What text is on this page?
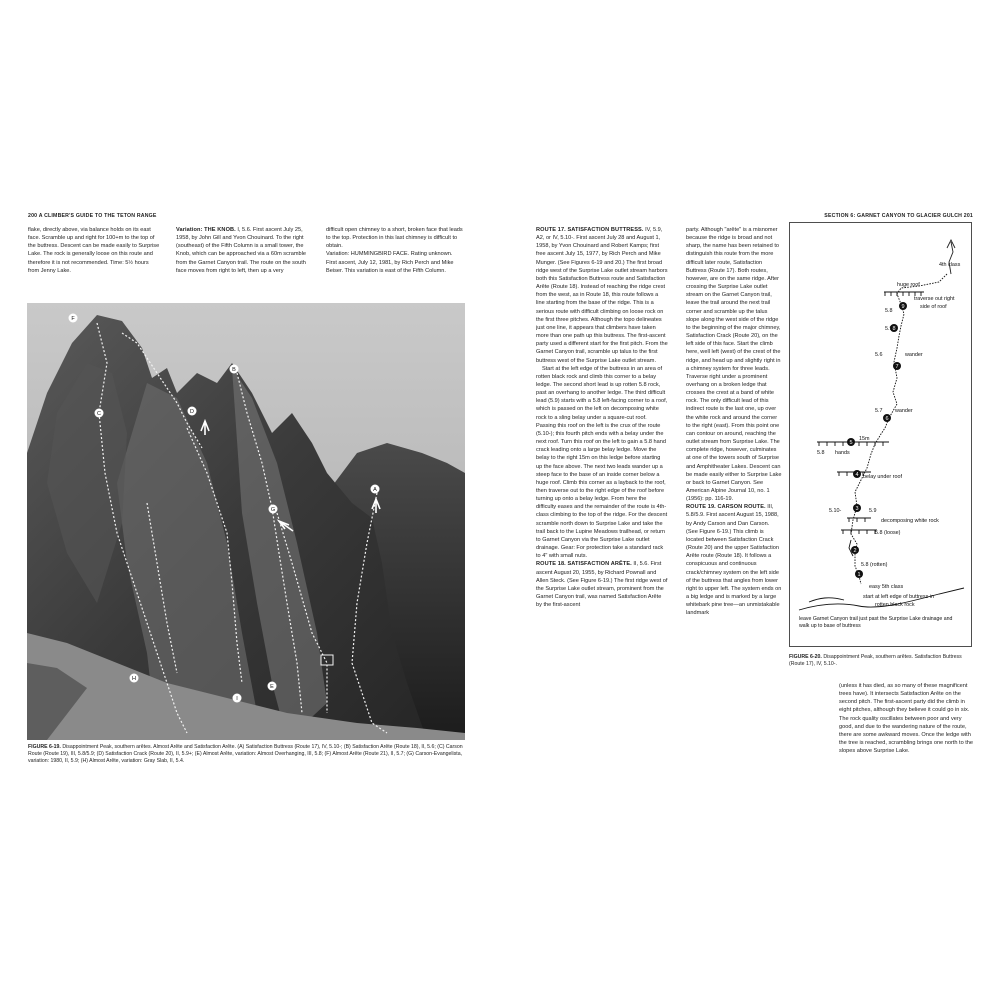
200 A CLIMBER'S GUIDE TO THE TETON RANGE

flake, directly above, via balance holds on its east face. Scramble up and right for 100+m to the top of the buttress. Descent can be made easily to Surprise Lake. The rock is generally loose on this route and therefore it is not recommended. Time: 5½ hours from Jenny Lake.

Variation: THE KNOB. I, 5.6. First ascent July 25, 1958, by John Gill and Yvon Chouinard. To the right (southeast) of the Fifth Column is a small tower, the Knob, which can be approached via a 60m scramble from the Garnet Canyon trail. The route on the south face moves from right to left, then up a very

difficult open chimney to a short, broken face that leads to the top. Protection in this last chimney is difficult to obtain.
Variation: HUMMINGBIRD FACE. Rating unknown. First ascent, July 12, 1981, by Rich Perch and Mike Beiser. This variation is east of the Fifth Column.

F
B
C	D
G
E
A
H
I
FIGURE 6-19. Disappointment Peak, southern arêtes. Almost Arête and Satisfaction Arête. (A) Satisfaction Buttress (Route 17), IV, 5.10-; (B) Satisfaction Arête (Route 18), II, 5.6; (C) Carson Route (Route 19), III, 5.8/5.9; (D) Satisfaction Crack (Route 20), II, 5.9+; (E) Almost Arête, variation: Almost Overhanging, III, 5.8; (F) Almost Arête (Route 21), II, 5.7; (G) Carson-Evangelista, variation: 1980, II, 5.9; (H) Almost Arête, variation: Gray Slab, II, 5.4.
SECTION 6: GARNET CANYON TO GLACIER GULCH 201

ROUTE 17. SATISFACTION BUTTRESS. IV, 5.9, A2, or IV, 5.10-. First ascent July 28 and August 1, 1958, by Yvon Chouinard and Robert Kamps; first free ascent July 15, 1977, by Rich Perch and Mike Munger. (See Figures 6-19 and 20.) The first broad ridge west of the Surprise Lake outlet stream harbors both this Satisfaction Buttress route and Satisfaction Arête (Route 18). Instead of reaching the ridge crest from the west, as in Route 18, this route follows a line starting from the base of the ridge. This is a serious route with difficult climbing on loose rock on the first three pitches. Although the topo delineates just one line, it appears that climbers have taken more than one path up this buttress. The first-ascent party used a different start for the first pitch. From the Garnet Canyon trail, scramble up talus to the first buttress west of the Surprise Lake outlet stream.

Start at the left edge of the buttress in an area of rotten black rock and climb this corner to a belay ledge. The second short lead is up rotten 5.8 rock, past an overhang to another ledge. The third difficult lead (5.9) starts with a 5.8 left-facing corner to a roof, which is passed on the left on decomposing white rock to a sling belay under a square-cut roof. Passing this roof on the left is the crux of the route (5.10-); this fourth pitch ends with a belay under the next roof. Turn this roof on the left to gain a 5.8 hand crack leading onto a large belay ledge. Move the belay to the right 15m on this ledge before starting up the face above. The next two leads wander up a steep face to the base of an inside corner below a huge roof. Climb this corner as a layback to the roof, then traverse out to the right edge of the roof before turning up onto a belay ledge. From here the difficulty eases and the remainder of the route is 4th-class climbing to the top of the ridge. For the descent scramble north down to Surprise Lake and take the trail back to the Lupine Meadows trailhead, or return to Garnet Canyon via the Surprise Lake outlet drainage. Gear: For protection take a standard rack to 4" with small nuts.

ROUTE 18. SATISFACTION ARÊTE. II, 5.6. First ascent August 20, 1955, by Richard Pownall and Allen Steck. (See Figure 6-19.) The first ridge west of the Surprise Lake outlet stream, prominent from the Garnet Canyon trail, was named Satisfaction Arête by the first-ascent

party. Although "arête" is a misnomer because the ridge is broad and not sharp, the name has been retained to distinguish this route from the more difficult later route, Satisfaction Buttress (Route 17). Both routes, however, are on the same ridge. After crossing the Surprise Lake outlet stream on the Garnet Canyon trail, leave the trail around the next trail corner and scramble up the talus slope along the west side of the ridge to the beginning of the major chimney, Satisfaction Crack (Route 20), on the left side of this face. Start the climb here, well left (west) of the crest of the ridge, and head up and slightly right in a chimney system for three leads. Traverse right under a prominent overhang on a broken ledge that crosses the crest at a band of white rock. The only difficult lead of this indirect route is the last one, up over the white rock and around the corner to the right (east). From this point one can contour on around, reaching the outlet stream from Surprise Lake. The complete ridge, however, culminates at one of the towers south of Surprise and Amphitheater Lakes. Descent can be made easily either to Surprise Lake or back to Garnet Canyon. See American Alpine Journal 10, no. 1 (1956): pp. 116-19.

ROUTE 19. CARSON ROUTE. III, 5.8/5.9. First ascent August 15, 1988, by Andy Carson and Dan Carson. (See Figure 6-19.) This climb is located between Satisfaction Crack (Route 20) and the upper Satisfaction Arête route (Route 18). It follows a conspicuous and continuous crack/chimney system on the left side of the buttress that angles from lower right to upper left. The system ends on a big ledge and is marked by a large whitebark pine tree—an unmistakable landmark

(unless it has died, as so many of these magnificent trees have). It intersects Satisfaction Arête on the second pitch. The first-ascent party did the climb in eight pitches, although they believe it could go in six. The rock quality oscillates between poor and very good, and due to the wandering nature of the route, there are some awkward moves. Once the ledge with the tree is reached, scrambling brings one north to the slopes above Surprise Lake.

FIGURE 6-20. Disappointment Peak, southern arêtes. Satisfaction Buttress (Route 17), IV, 5.10-.
9
8
7
6
5
4
3
2
1
4th class
huge roof
traverse out right
side of roof
5.8
5.9
5.6	wander
5.7 wander
15m
5.8 hands
belay under roof
5.10-	5.9
decomposing white rock
5.8 (loose)
5.8 (rotten)
easy 5th class
start at left edge of buttress in
rotten black rock
leave Garnet Canyon trail just past the Surprise Lake drainage and walk up to base of buttress
